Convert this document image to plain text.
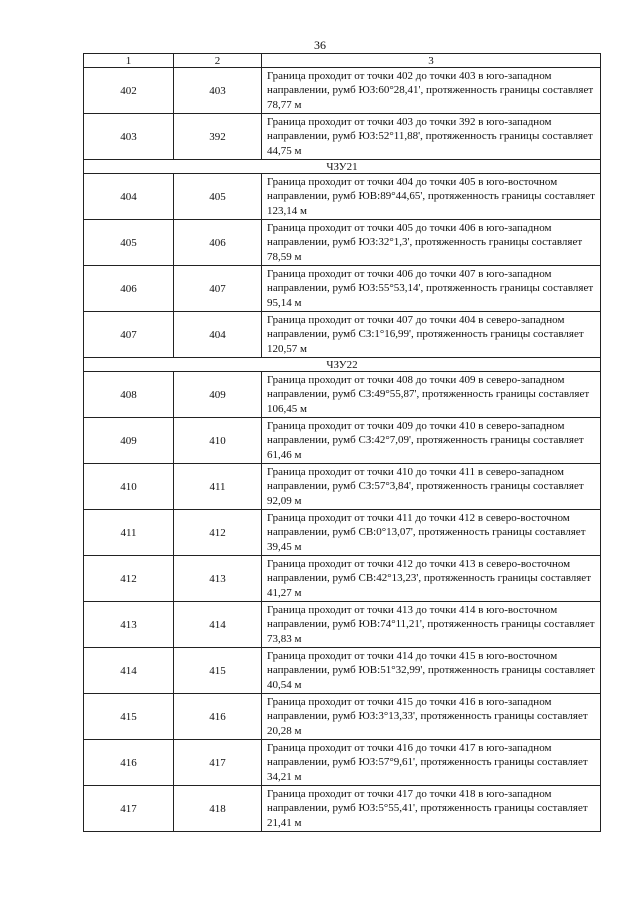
36
1	2	3
402	403	Граница проходит от точки 402 до точки 403 в юго-западном направлении, румб ЮЗ:60°28,41', протяженность границы составляет 78,77 м
403	392	Граница проходит от точки 403 до точки 392 в юго-западном направлении, румб ЮЗ:52°11,88', протяженность границы составляет 44,75 м
ЧЗУ21		
404	405	Граница проходит от точки 404 до точки 405 в юго-восточном направлении, румб ЮВ:89°44,65', протяженность границы составляет 123,14 м
405	406	Граница проходит от точки 405 до точки 406 в юго-западном направлении, румб ЮЗ:32°1,3', протяженность границы составляет 78,59 м
406	407	Граница проходит от точки 406 до точки 407 в юго-западном направлении, румб ЮЗ:55°53,14', протяженность границы составляет 95,14 м
407	404	Граница проходит от точки 407 до точки 404 в северо-западном направлении, румб СЗ:1°16,99', протяженность границы составляет 120,57 м
ЧЗУ22		
408	409	Граница проходит от точки 408 до точки 409 в северо-западном направлении, румб СЗ:49°55,87', протяженность границы составляет 106,45 м
409	410	Граница проходит от точки 409 до точки 410 в северо-западном направлении, румб СЗ:42°7,09', протяженность границы составляет 61,46 м
410	411	Граница проходит от точки 410 до точки 411 в северо-западном направлении, румб СЗ:57°3,84', протяженность границы составляет 92,09 м
411	412	Граница проходит от точки 411 до точки 412 в северо-восточном направлении, румб СВ:0°13,07', протяженность границы составляет 39,45 м
412	413	Граница проходит от точки 412 до точки 413 в северо-восточном направлении, румб СВ:42°13,23', протяженность границы составляет 41,27 м
413	414	Граница проходит от точки 413 до точки 414 в юго-восточном направлении, румб ЮВ:74°11,21', протяженность границы составляет 73,83 м
414	415	Граница проходит от точки 414 до точки 415 в юго-восточном направлении, румб ЮВ:51°32,99', протяженность границы составляет 40,54 м
415	416	Граница проходит от точки 415 до точки 416 в юго-западном направлении, румб ЮЗ:3°13,33', протяженность границы составляет 20,28 м
416	417	Граница проходит от точки 416 до точки 417 в юго-западном направлении, румб ЮЗ:57°9,61', протяженность границы составляет 34,21 м
417	418	Граница проходит от точки 417 до точки 418 в юго-западном направлении, румб ЮЗ:5°55,41', протяженность границы составляет 21,41 м
